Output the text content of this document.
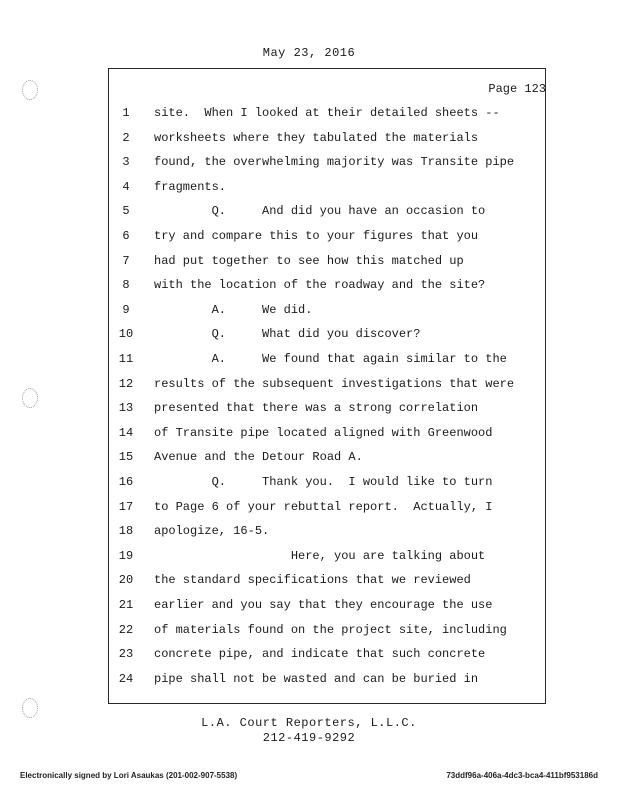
May 23, 2016
Page 123
1	site.  When I looked at their detailed sheets --
2	worksheets where they tabulated the materials
3	found, the overwhelming majority was Transite pipe
4	fragments.
5	Q.     And did you have an occasion to
6	try and compare this to your figures that you
7	had put together to see how this matched up
8	with the location of the roadway and the site?
9	A.     We did.
10	Q.     What did you discover?
11	A.     We found that again similar to the
12	results of the subsequent investigations that were
13	presented that there was a strong correlation
14	of Transite pipe located aligned with Greenwood
15	Avenue and the Detour Road A.
16	Q.     Thank you.  I would like to turn
17	to Page 6 of your rebuttal report.  Actually, I
18	apologize, 16-5.
19	Here, you are talking about
20	the standard specifications that we reviewed
21	earlier and you say that they encourage the use
22	of materials found on the project site, including
23	concrete pipe, and indicate that such concrete
24	pipe shall not be wasted and can be buried in
L.A. Court Reporters, L.L.C.
212-419-9292
Electronically signed by Lori Asaukas (201-002-907-5538)	73ddf96a-406a-4dc3-bca4-411bf953186d
